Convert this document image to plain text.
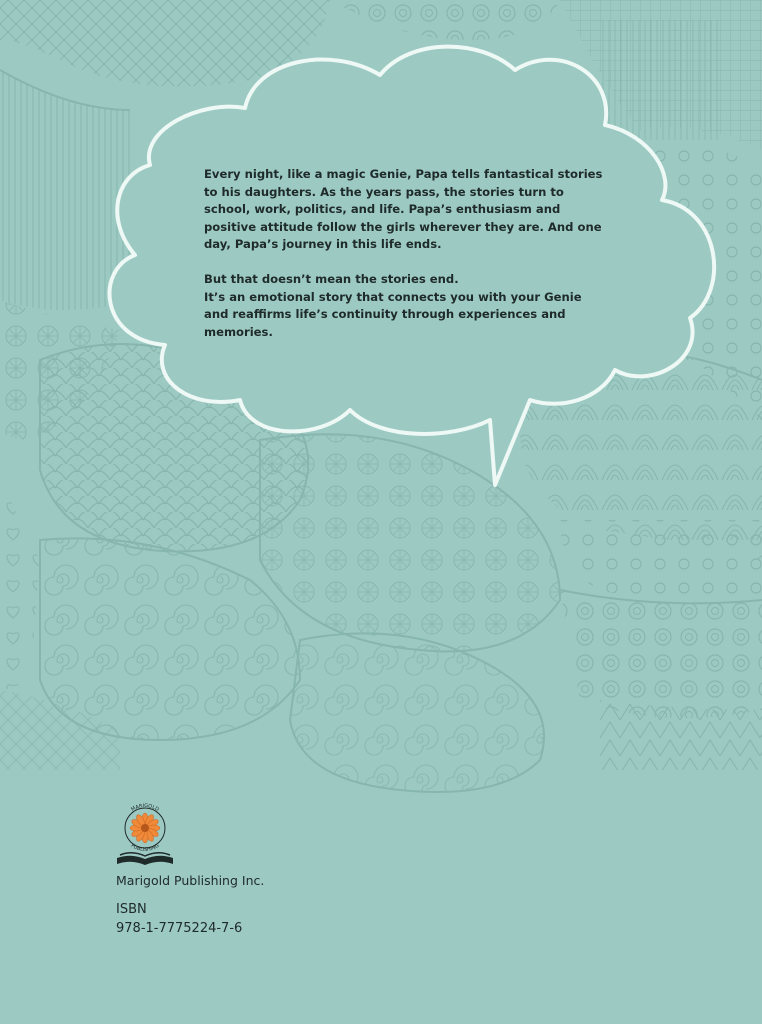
Every night, like a magic Genie, Papa tells fantastical stories to his daughters. As the years pass, the stories turn to school, work, politics, and life. Papa’s enthusiasm and positive attitude follow the girls wherever they are. And one day, Papa’s journey in this life ends.

But that doesn’t mean the stories end.
It’s an emotional story that connects you with your Genie and reaffirms life’s continuity through experiences and memories.

MARIGOLD
PUBLISHING
Marigold Publishing Inc.
ISBN
978-1-7775224-7-6
